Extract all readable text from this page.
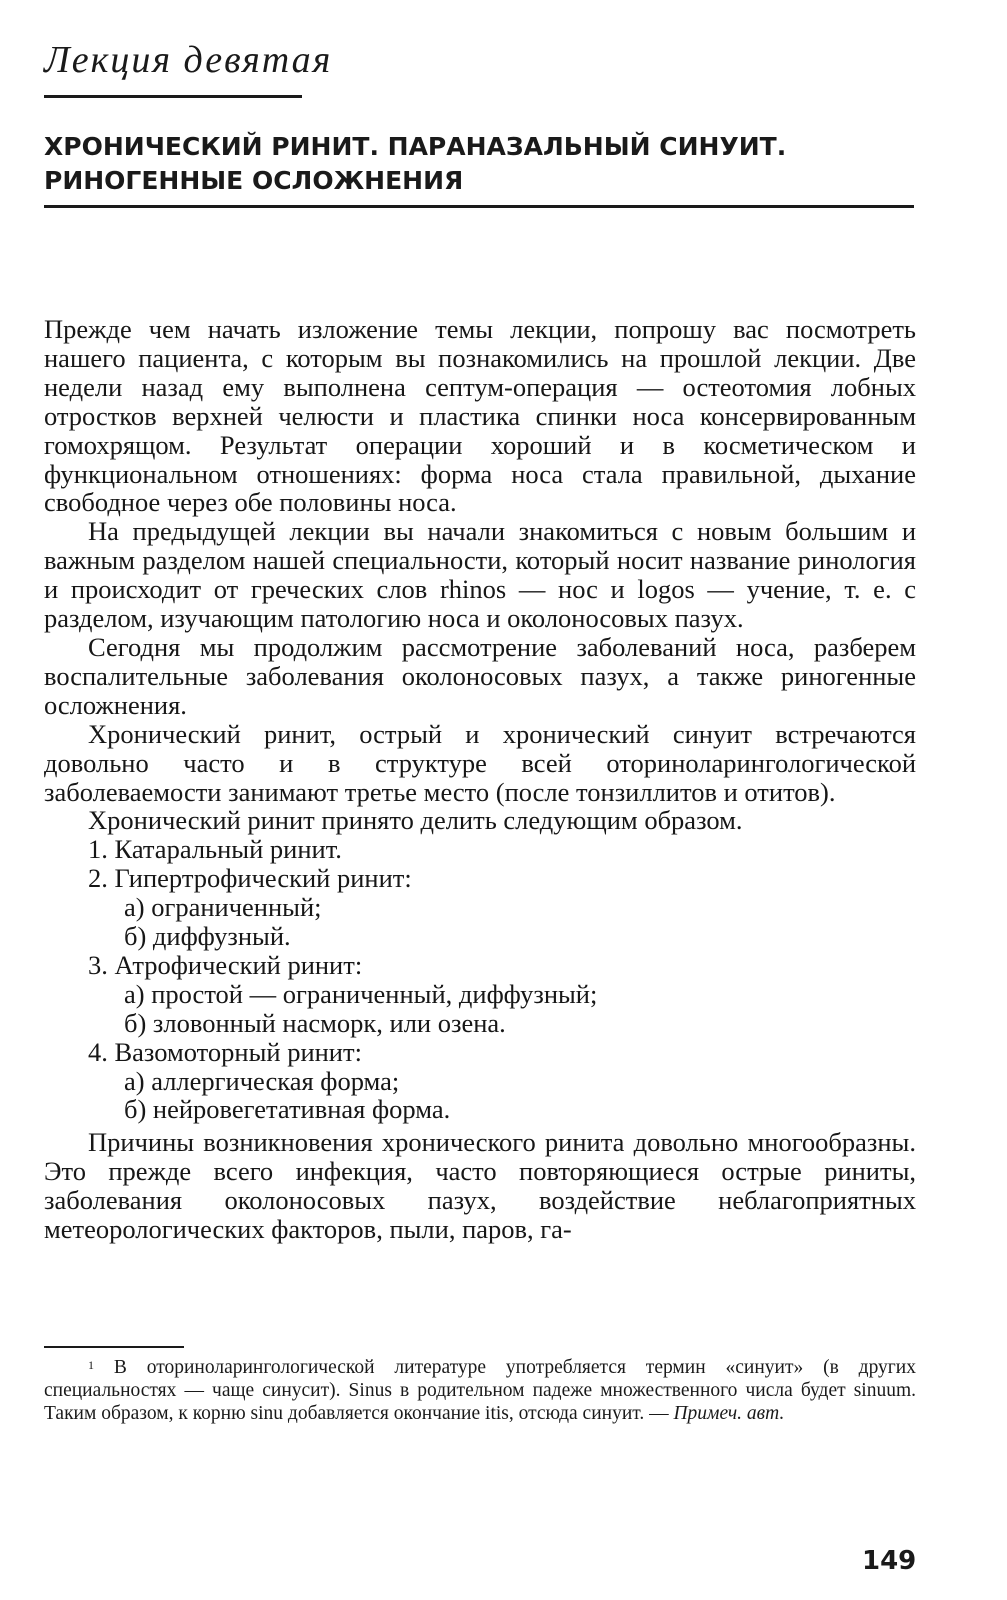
Лекция девятая
ХРОНИЧЕСКИЙ РИНИТ. ПАРАНАЗАЛЬНЫЙ СИНУИТ.
РИНОГЕННЫЕ ОСЛОЖНЕНИЯ

Прежде чем начать изложение темы лекции, попрошу вас посмотреть нашего пациента, с которым вы познакомились на прошлой лекции. Две недели назад ему выполнена септум-операция — остеотомия лобных отростков верхней челюсти и пластика спинки носа консервированным гомохрящом. Результат операции хороший и в косметическом и функциональном отношениях: форма носа стала правильной, дыхание свободное через обе половины носа.

На предыдущей лекции вы начали знакомиться с новым большим и важным разделом нашей специальности, который носит название ринология и происходит от греческих слов rhinos — нос и logos — учение, т. е. с разделом, изучающим патологию носа и околоносовых пазух.

Сегодня мы продолжим рассмотрение заболеваний носа, разберем воспалительные заболевания околоносовых пазух, а также риногенные осложнения.

Хронический ринит, острый и хронический синуит встречаются довольно часто и в структуре всей оториноларингологической заболеваемости занимают третье место (после тонзиллитов и отитов).

Хронический ринит принято делить следующим образом.

1. Катаральный ринит.
2. Гипертрофический ринит:
а) ограниченный;
б) диффузный.
3. Атрофический ринит:
а) простой — ограниченный, диффузный;
б) зловонный насморк, или озена.
4. Вазомоторный ринит:
а) аллергическая форма;
б) нейровегетативная форма.

Причины возникновения хронического ринита довольно многообразны. Это прежде всего инфекция, часто повторяющиеся острые риниты, заболевания околоносовых пазух, воздействие неблагоприятных метеорологических факторов, пыли, паров, га-

$^1$ В оториноларингологической литературе употребляется термин «синуит» (в других специальностях — чаще синусит). Sinus в родительном падеже множественного числа будет sinuum. Таким образом, к корню sinu добавляется окончание itis, отсюда синуит. — Примеч. авт.
149
